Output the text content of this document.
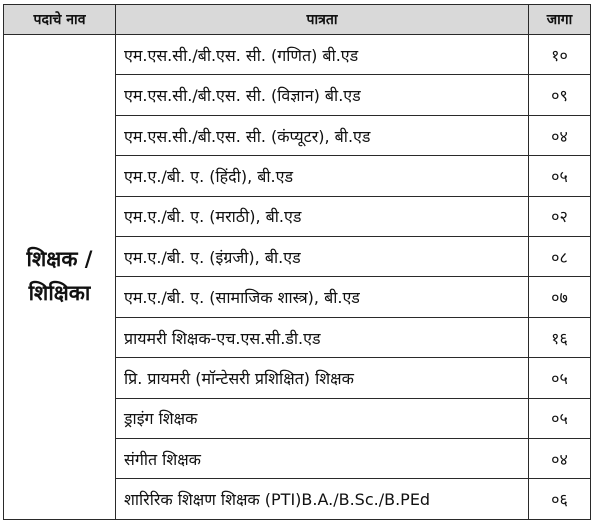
पदाचे नाव	पात्रता	जागा

शिक्षक /
शिक्षिका	एम.एस.सी./बी.एस. सी. (गणित) बी.एड	१०
	एम.एस.सी./बी.एस. सी. (विज्ञान) बी.एड	०९
	एम.एस.सी./बी.एस. सी. (कंप्यूटर), बी.एड	०४
	एम.ए./बी. ए. (हिंदी), बी.एड	०५
	एम.ए./बी. ए. (मराठी), बी.एड	०२
	एम.ए./बी. ए. (इंग्रजी), बी.एड	०८
	एम.ए./बी. ए. (सामाजिक शास्त्र), बी.एड	०७
	प्रायमरी शिक्षक-एच.एस.सी.डी.एड	१६
	प्रि. प्रायमरी (मॉन्टेसरी प्रशिक्षित) शिक्षक	०५
	ड्राइंग शिक्षक	०५
	संगीत शिक्षक	०४
	शारिरिक शिक्षण शिक्षक (PTI)B.A./B.Sc./B.PEd	०६
